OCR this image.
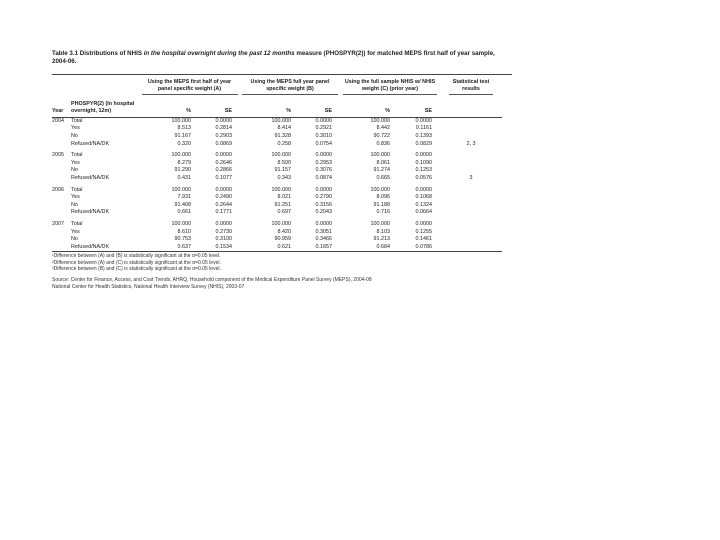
Table 3.1 Distributions of NHIS in the hospital overnight during the past 12 months measure (PHOSPYR(2)) for matched MEPS first half of year sample, 2004-06.
		Using the MEPS first half of year panel specific weight (A)		Using the MEPS full year panel specific weight (B)		Using the full sample NHIS w/ NHIS weight (C) (prior year)		Statistical test results
Year	PHOSPYR(2) (In hospital overnight, 12m)	%	SE	%	SE	%	SE	

2004	Total	100.000	0.0000	100.000	0.0000	100.000	0.0000	
	Yes	8.513	0.2814	8.414	0.2921	8.442	0.1161	
	No	91.167	0.2903	91.328	0.3010	90.722	0.1393	
	Refused/NA/DK	0.320	0.0869	0.258	0.0754	0.836	0.0829	2, 3
2005	Total	100.000	0.0000	100.000	0.0000	100.000	0.0000	
	Yes	8.279	0.2646	8.500	0.2953	8.061	0.1090	
	No	91.290	0.2866	91.157	0.3076	91.274	0.1253	
	Refused/NA/DK	0.431	0.1077	0.343	0.0874	0.665	0.0576	3
2006	Total	100.000	0.0000	100.000	0.0000	100.000	0.0000	
	Yes	7.931	0.2490	8.021	0.2790	8.096	0.1068	
	No	91.408	0.2644	91.251	0.3156	91.188	0.1324	
	Refused/NA/DK	0.661	0.1771	0.697	0.2043	0.716	0.0664	
2007	Total	100.000	0.0000	100.000	0.0000	100.000	0.0000	
	Yes	8.610	0.2730	8.420	0.3051	8.103	0.1255	
	No	90.753	0.3100	90.959	0.3466	91.213	0.1461	
	Refused/NA/DK	0.637	0.1534	0.621	0.1657	0.684	0.0786	

¹Difference between (A) and (B) is statistically significant at the α=0.05 level.
²Difference between (A) and (C) is statistically significant at the α=0.05 level.
³Difference between (B) and (C) is statistically significant at the α=0.05 level.
Source: Center for Finance, Access, and Cost Trends, AHRQ, Household component of the Medical Expenditure Panel Survey (MEPS), 2004-08
National Center for Health Statistics, National Health Interview Survey (NHIS), 2003-07
